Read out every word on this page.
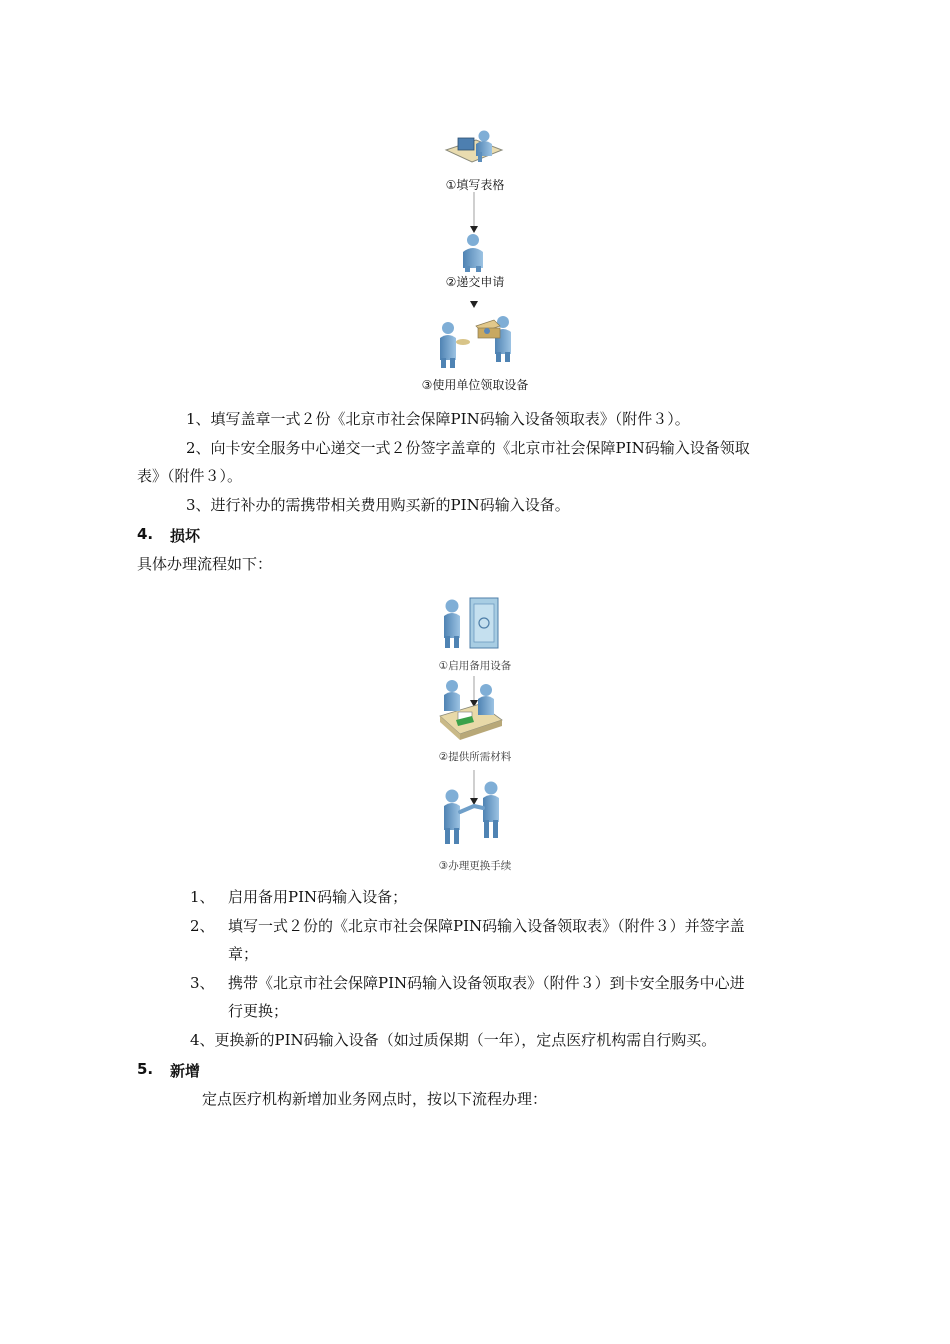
①填写表格
②递交申请
③使用单位领取设备
1、填写盖章一式２份《北京市社会保障PIN码输入设备领取表》（附件３）。
2、向卡安全服务中心递交一式２份签字盖章的《北京市社会保障PIN码输入设备领取
表》（附件３）。
3、进行补办的需携带相关费用购买新的PIN码输入设备。
4. 损坏
具体办理流程如下：
①启用备用设备
②提供所需材料
③办理更换手续
1、 启用备用PIN码输入设备；
2、 填写一式２份的《北京市社会保障PIN码输入设备领取表》（附件３）并签字盖
章；
3、 携带《北京市社会保障PIN码输入设备领取表》（附件３）到卡安全服务中心进
行更换；
4、更换新的PIN码输入设备（如过质保期（一年），定点医疗机构需自行购买。
5. 新增
定点医疗机构新增加业务网点时，按以下流程办理：
